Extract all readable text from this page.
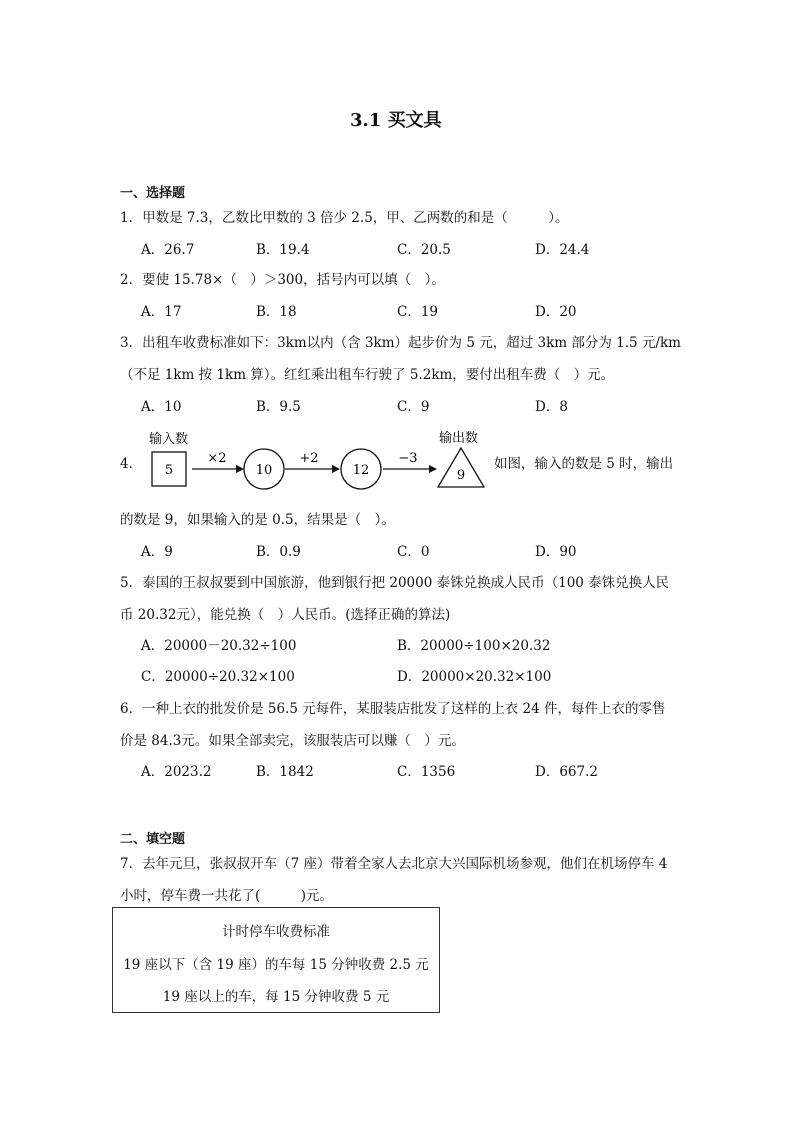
3.1 买文具
一、选择题
1．甲数是 7.3，乙数比甲数的 3 倍少 2.5，甲、乙两数的和是（　　　）。
A．26.7	B．19.4	C．20.5	D．24.4
2．要使 15.78×（　）＞300，括号内可以填（　）。
A．17	B．18	C．19	D．20
3．出租车收费标准如下：3km以内（含 3km）起步价为 5 元，超过 3km 部分为 1.5 元/km
（不足 1km 按 1km 算）。红红乘出租车行驶了 5.2km，要付出租车费（　）元。
A．10	B．9.5	C．9	D．8
4．
输入数
5
×2
10
+2
12
−3
输出数
9
如图，输入的数是 5 时，输出
的数是 9，如果输入的是 0.5，结果是（　）。
A．9	B．0.9	C．0	D．90
5．泰国的王叔叔要到中国旅游，他到银行把 20000 泰铢兑换成人民币（100 泰铢兑换人民
币 20.32元），能兑换（　）人民币。(选择正确的算法)
A．20000－20.32÷100	B．20000÷100×20.32
C．20000÷20.32×100	D．20000×20.32×100
6．一种上衣的批发价是 56.5 元每件，某服装店批发了这样的上衣 24 件，每件上衣的零售
价是 84.3元。如果全部卖完，该服装店可以赚（　）元。
A．2023.2	B．1842	C．1356	D．667.2
二、填空题
7．去年元旦，张叔叔开车（7 座）带着全家人去北京大兴国际机场参观，他们在机场停车 4
小时，停车费一共花了(　　　)元。
计时停车收费标准
19 座以下（含 19 座）的车每 15 分钟收费 2.5 元
19 座以上的车，每 15 分钟收费 5 元
